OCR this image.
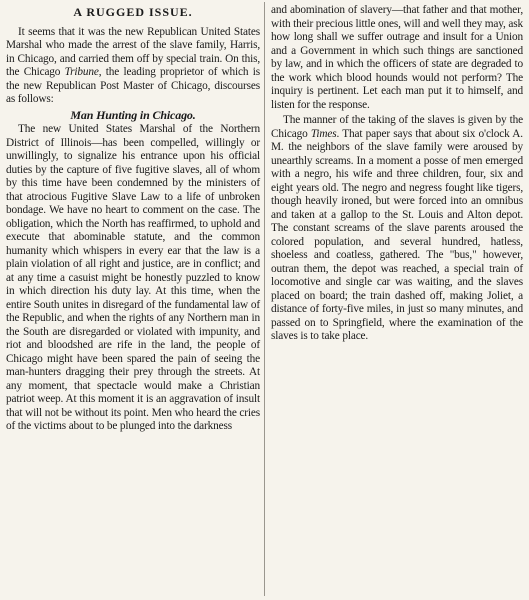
A RUGGED ISSUE.

It seems that it was the new Republican United States Marshal who made the arrest of the slave family, Harris, in Chicago, and carried them off by special train. On this, the Chicago Tribune, the leading proprietor of which is the new Republican Post Master of Chicago, discourses as follows:

Man Hunting in Chicago.

The new United States Marshal of the Northern District of Illinois—has been compelled, willingly or unwillingly, to signalize his entrance upon his official duties by the capture of five fugitive slaves, all of whom by this time have been condemned by the ministers of that atrocious Fugitive Slave Law to a life of unbroken bondage. We have no heart to comment on the case. The obligation, which the North has reaffirmed, to uphold and execute that abominable statute, and the common humanity which whispers in every ear that the law is a plain violation of all right and justice, are in conflict; and at any time a casuist might be honestly puzzled to know in which direction his duty lay. At this time, when the entire South unites in disregard of the fundamental law of the Republic, and when the rights of any Northern man in the South are disregarded or violated with impunity, and riot and bloodshed are rife in the land, the people of Chicago might have been spared the pain of seeing the man-hunters dragging their prey through the streets. At any moment, that spectacle would make a Christian patriot weep. At this moment it is an aggravation of insult that will not be without its point. Men who heard the cries of the victims about to be plunged into the darkness

and abomination of slavery—that father and that mother, with their precious little ones, will and well they may, ask how long shall we suffer outrage and insult for a Union and a Government in which such things are sanctioned by law, and in which the officers of state are degraded to the work which blood hounds would not perform? The inquiry is pertinent. Let each man put it to himself, and listen for the response.

The manner of the taking of the slaves is given by the Chicago Times. That paper says that about six o'clock A. M. the neighbors of the slave family were aroused by unearthly screams. In a moment a posse of men emerged with a negro, his wife and three children, four, six and eight years old. The negro and negress fought like tigers, though heavily ironed, but were forced into an omnibus and taken at a gallop to the St. Louis and Alton depot. The constant screams of the slave parents aroused the colored population, and several hundred, hatless, shoeless and coatless, gathered. The "bus," however, outran them, the depot was reached, a special train of locomotive and single car was waiting, and the slaves placed on board; the train dashed off, making Joliet, a distance of forty-five miles, in just so many minutes, and passed on to Springfield, where the examination of the slaves is to take place.
